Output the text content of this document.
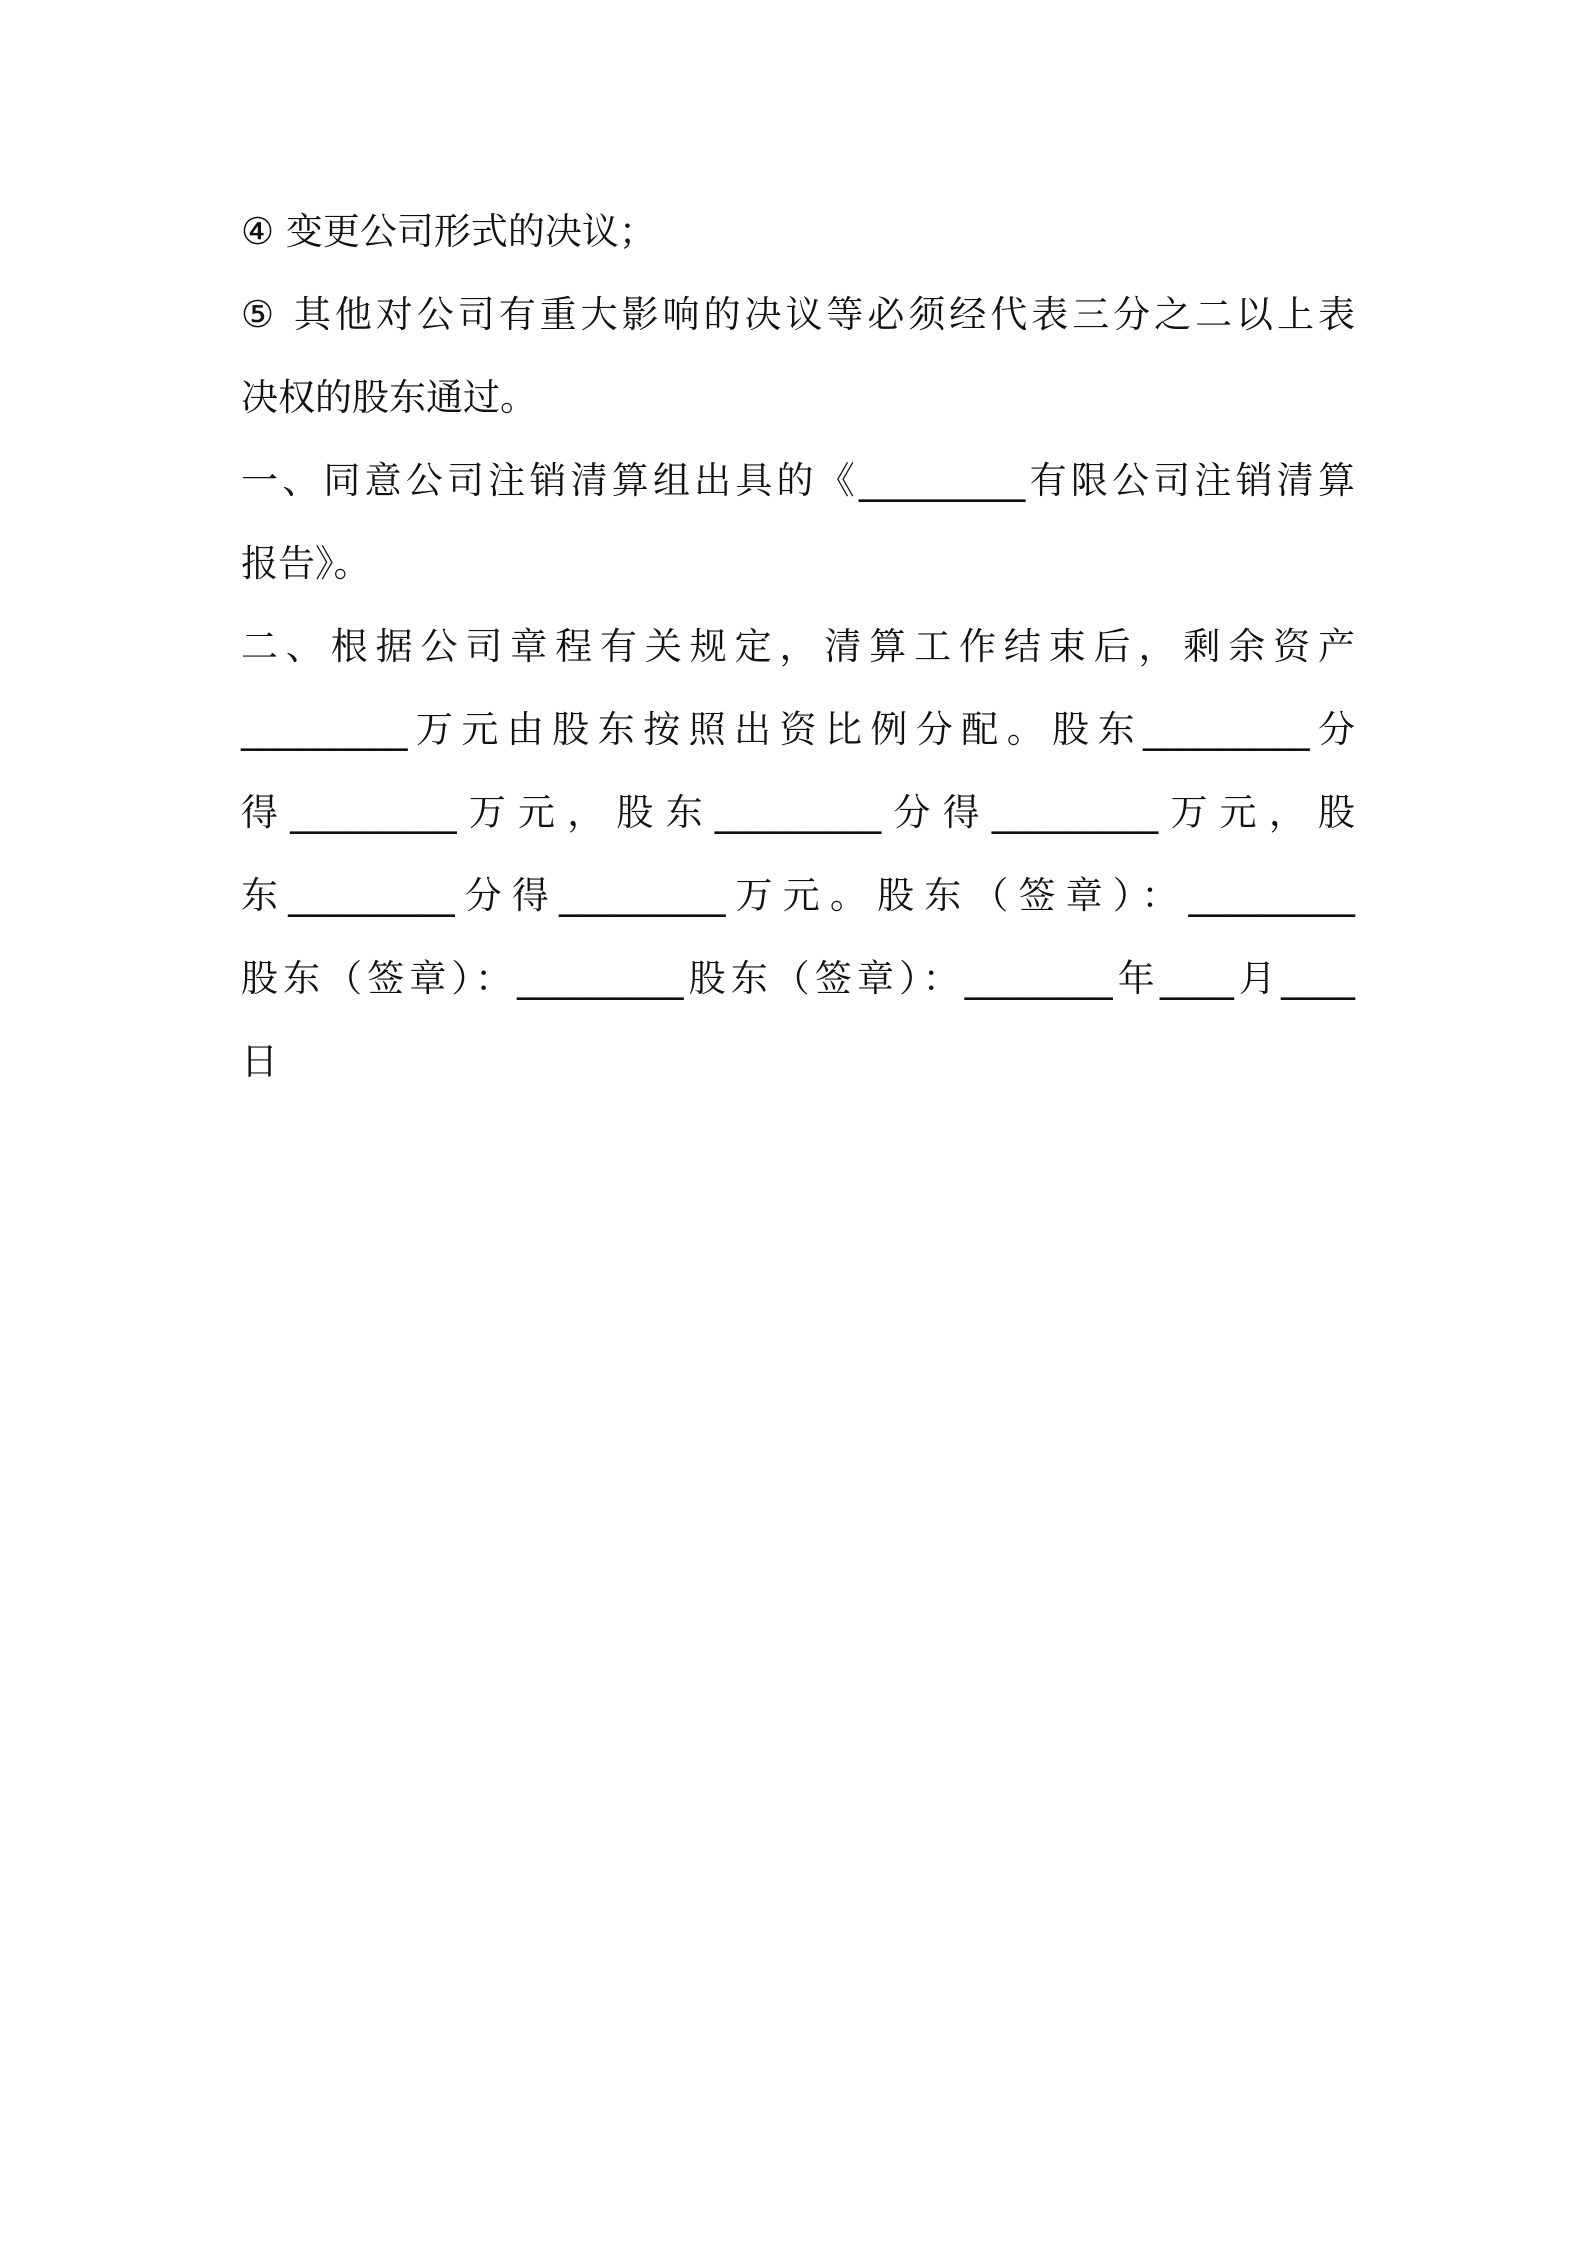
④ 变更公司形式的决议；
⑤ 其他对公司有重大影响的决议等必须经代表三分之二以上表
决权的股东通过。
一、同意公司注销清算组出具的《_________有限公司注销清算
报告》。
二、根据公司章程有关规定，清算工作结束后，剩余资产
_________万元由股东按照出资比例分配。股东_________分
得_________万元，股东_________分得_________万元，股
东_________分得_________万元。股东（签章）：_________
股东（签章）：_________股东（签章）：________年____月____
日
